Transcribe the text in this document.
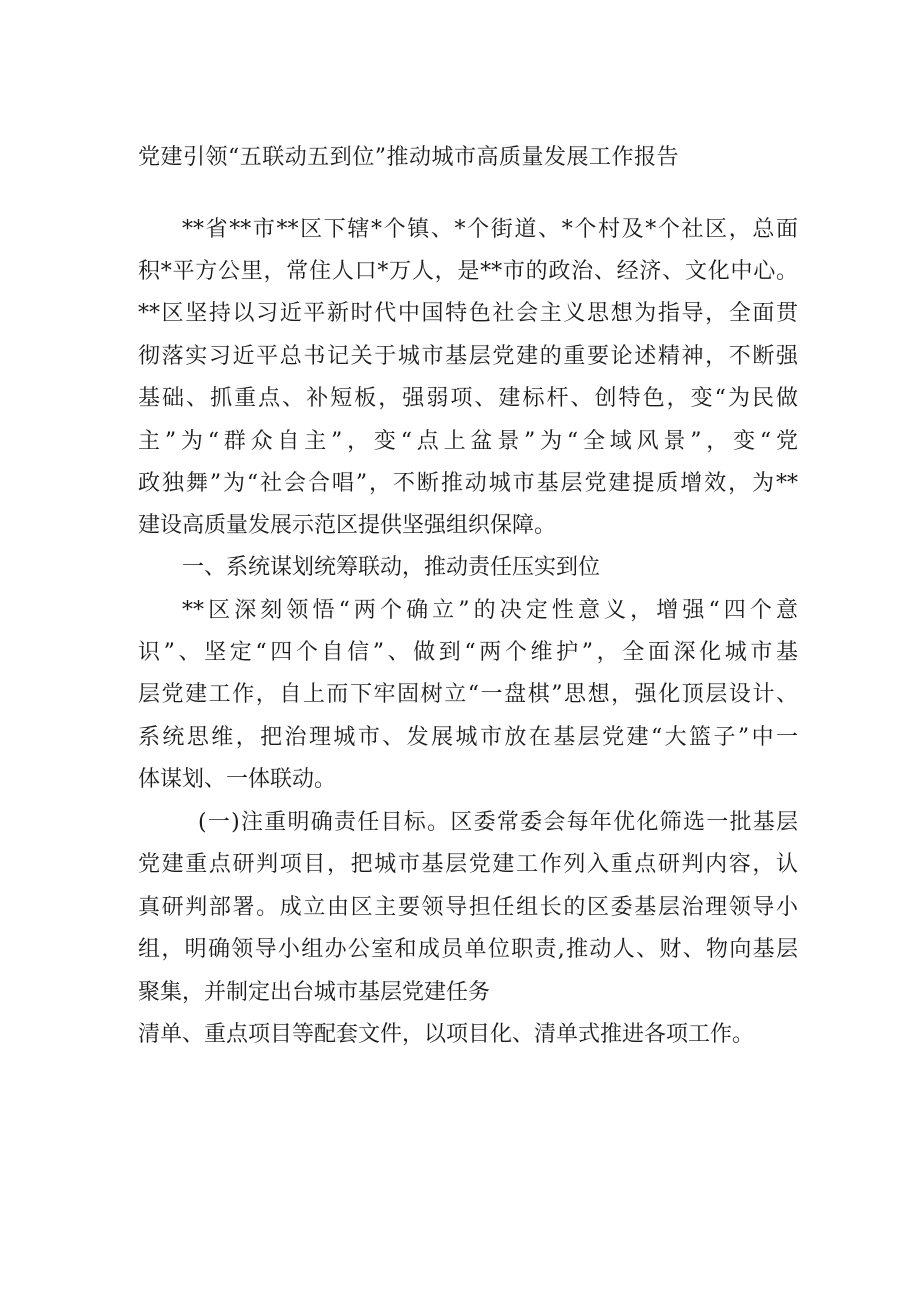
党建引领“五联动五到位”推动城市高质量发展工作报告
**省**市**区下辖*个镇、*个街道、*个村及*个社区，总面
积*平方公里，常住人口*万人，是**市的政治、经济、文化中心。
**区坚持以习近平新时代中国特色社会主义思想为指导，全面贯
彻落实习近平总书记关于城市基层党建的重要论述精神，不断强
基础、抓重点、补短板，强弱项、建标杆、创特色，变“为民做
主”为“群众自主”，变“点上盆景”为“全域风景”，变“党
政独舞”为“社会合唱”，不断推动城市基层党建提质增效，为**
建设高质量发展示范区提供坚强组织保障。
一、系统谋划统筹联动，推动责任压实到位
**区深刻领悟“两个确立”的决定性意义，增强“四个意
识”、坚定“四个自信”、做到“两个维护”，全面深化城市基
层党建工作，自上而下牢固树立“一盘棋”思想，强化顶层设计、
系统思维，把治理城市、发展城市放在基层党建“大篮子”中一
体谋划、一体联动。
(一)注重明确责任目标。区委常委会每年优化筛选一批基层
党建重点研判项目，把城市基层党建工作列入重点研判内容，认
真研判部署。成立由区主要领导担任组长的区委基层治理领导小
组，明确领导小组办公室和成员单位职责,推动人、财、物向基层
聚集，并制定出台城市基层党建任务
清单、重点项目等配套文件，以项目化、清单式推进各项工作。
